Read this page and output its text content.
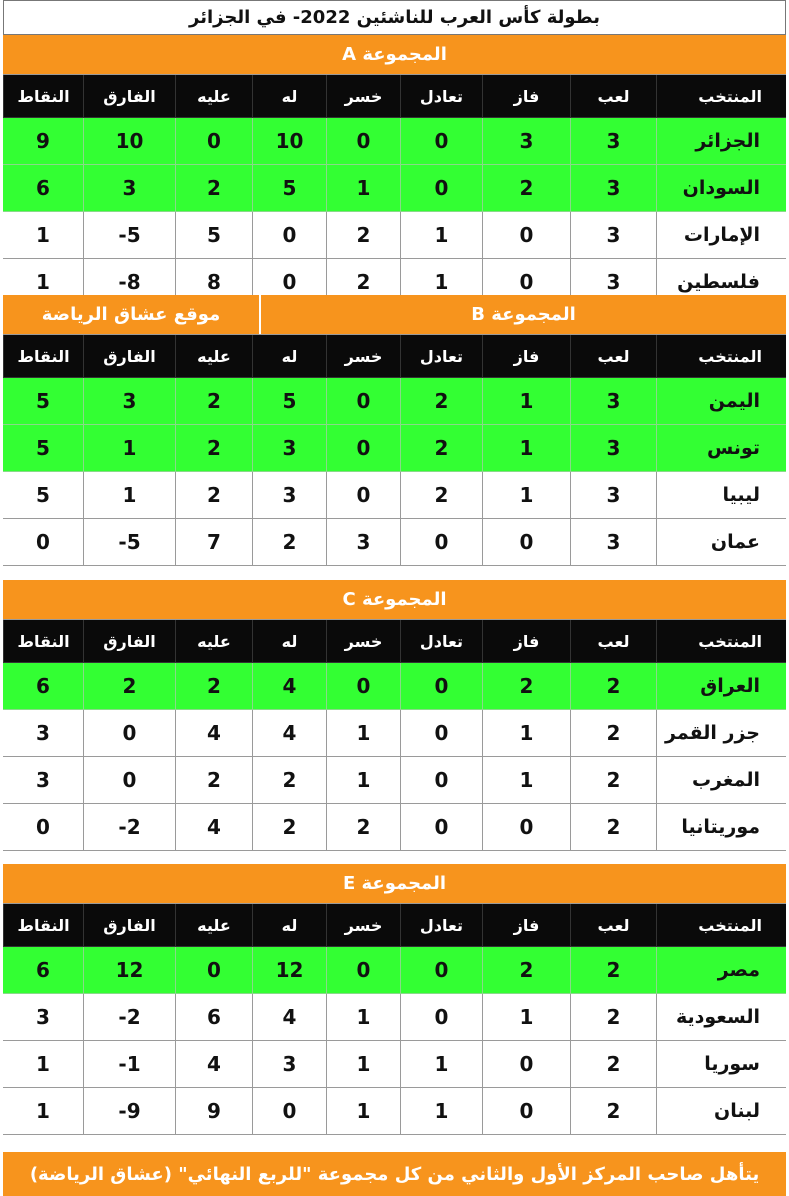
بطولة كأس العرب للناشئين 2022- في الجزائر
المجموعة A
المنتخب
لعب
فاز
تعادل
خسر
له
عليه
الفارق
النقاط
الجزائر
3
3
0
0
10
0
10
9
السودان
3
2
0
1
5
2
3
6
الإمارات
3
0
1
2
0
5
-5
1
فلسطين
3
0
1
2
0
8
-8
1
موقع عشاق الرياضة	المجموعة B
المنتخب
لعب
فاز
تعادل
خسر
له
عليه
الفارق
النقاط
اليمن
3
1
2
0
5
2
3
5
تونس
3
1
2
0
3
2
1
5
ليبيا
3
1
2
0
3
2
1
5
عمان
3
0
0
3
2
7
-5
0
المجموعة C
المنتخب
لعب
فاز
تعادل
خسر
له
عليه
الفارق
النقاط
العراق
2
2
0
0
4
2
2
6
جزر القمر
2
1
0
1
4
4
0
3
المغرب
2
1
0
1
2
2
0
3
موريتانيا
2
0
0
2
2
4
-2
0
المجموعة E
المنتخب
لعب
فاز
تعادل
خسر
له
عليه
الفارق
النقاط
مصر
2
2
0
0
12
0
12
6
السعودية
2
1
0
1
4
6
-2
3
سوريا
2
0
1
1
3
4
-1
1
لبنان
2
0
1
1
0
9
-9
1
يتأهل صاحب المركز الأول والثاني من كل مجموعة "للربع النهائي" (عشاق الرياضة)
